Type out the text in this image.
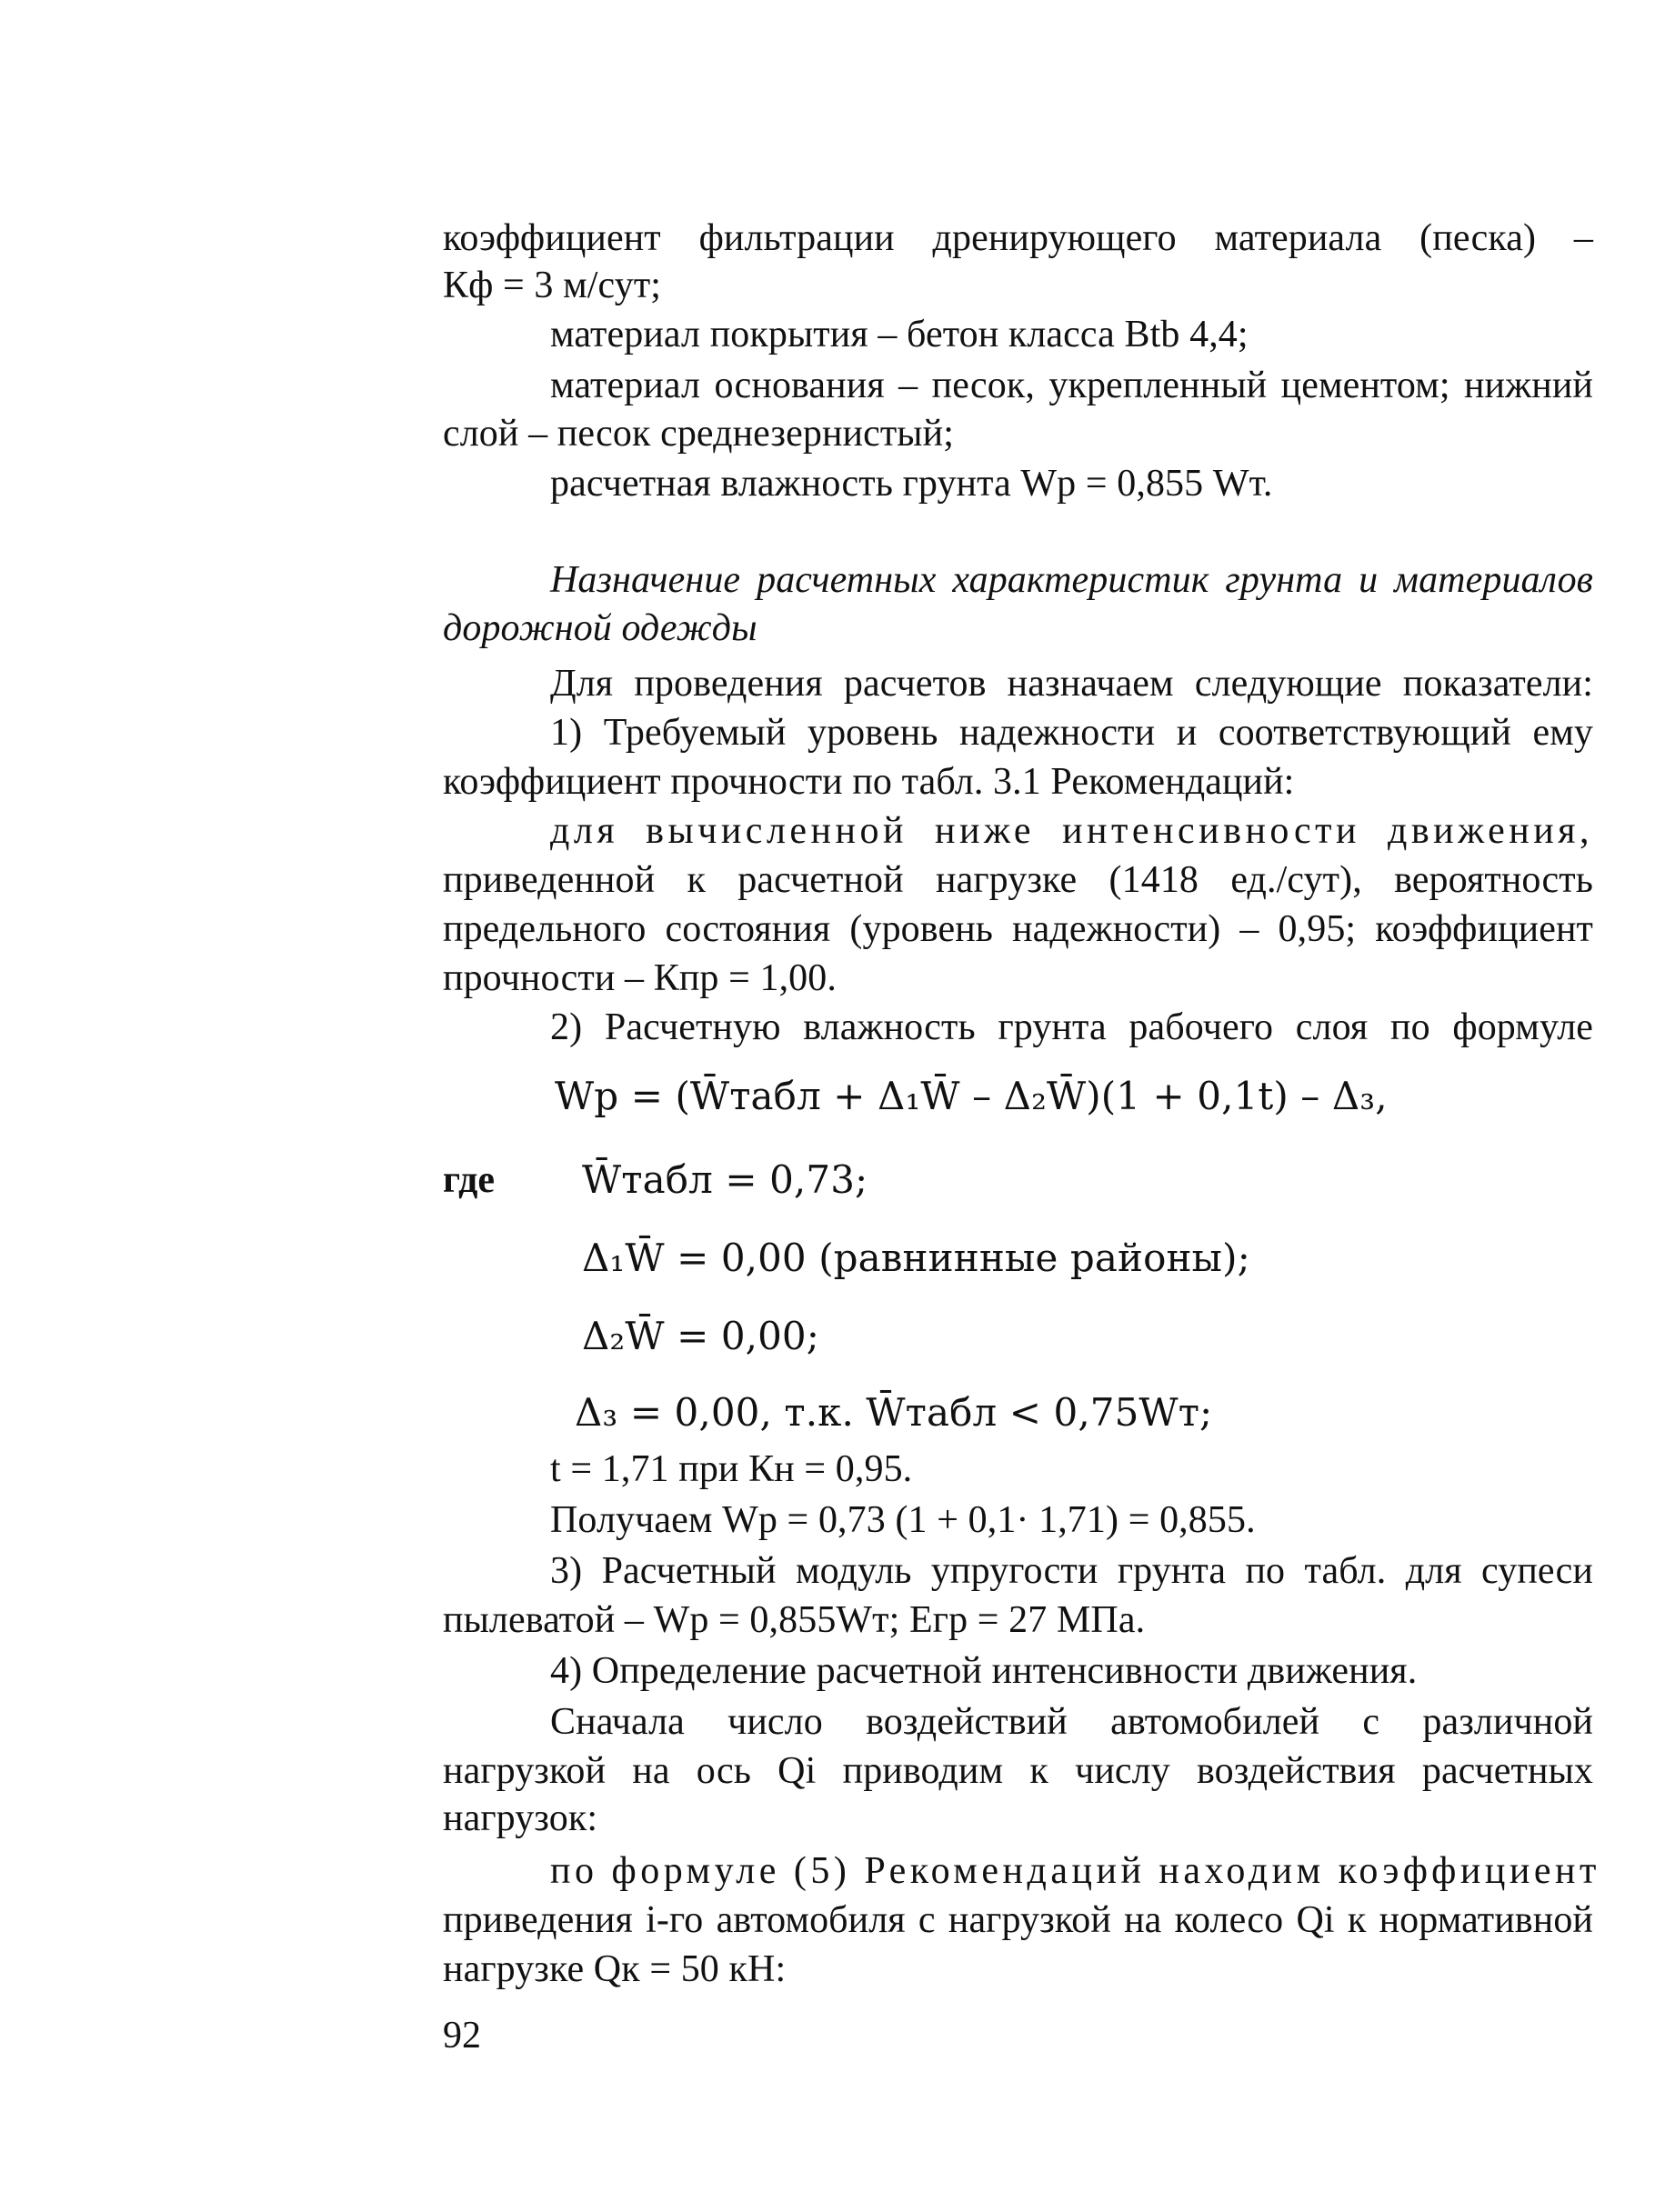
коэффициент фильтрации дренирующего материала (песка) –
Кф = 3 м/сут;
материал покрытия – бетон класса Btb 4,4;
материал основания – песок, укрепленный цементом; нижний
слой – песок среднезернистый;
расчетная влажность грунта Wр = 0,855 Wт.
Назначение расчетных характеристик грунта и материалов
дорожной одежды
Для проведения расчетов назначаем следующие показатели:
1) Требуемый уровень надежности и соответствующий ему
коэффициент прочности по табл. 3.1 Рекомендаций:
для вычисленной ниже интенсивности движения,
приведенной к расчетной нагрузке (1418 ед./сут), вероятность
предельного состояния (уровень надежности) – 0,95; коэффициент
прочности – Кпр = 1,00.
2) Расчетную влажность грунта рабочего слоя по формуле
Wр = (W̄табл + Δ₁W̄ – Δ₂W̄)(1 + 0,1t) – Δ₃,
где W̄табл = 0,73;
Δ₁W̄ = 0,00 (равнинные районы);
Δ₂W̄ = 0,00;
Δ₃ = 0,00, т.к. W̄табл < 0,75Wт;
t = 1,71 при Кн = 0,95.
Получаем Wр = 0,73 (1 + 0,1· 1,71) = 0,855.
3) Расчетный модуль упругости грунта по табл. для супеси
пылеватой – Wр = 0,855Wт; Егр = 27 МПа.
4) Определение расчетной интенсивности движения.
Сначала число воздействий автомобилей с различной
нагрузкой на ось Qi приводим к числу воздействия расчетных
нагрузок:
по формуле (5) Рекомендаций находим коэффициент
приведения i-го автомобиля с нагрузкой на колесо Qi к нормативной
нагрузке Qк = 50 кН:
92
